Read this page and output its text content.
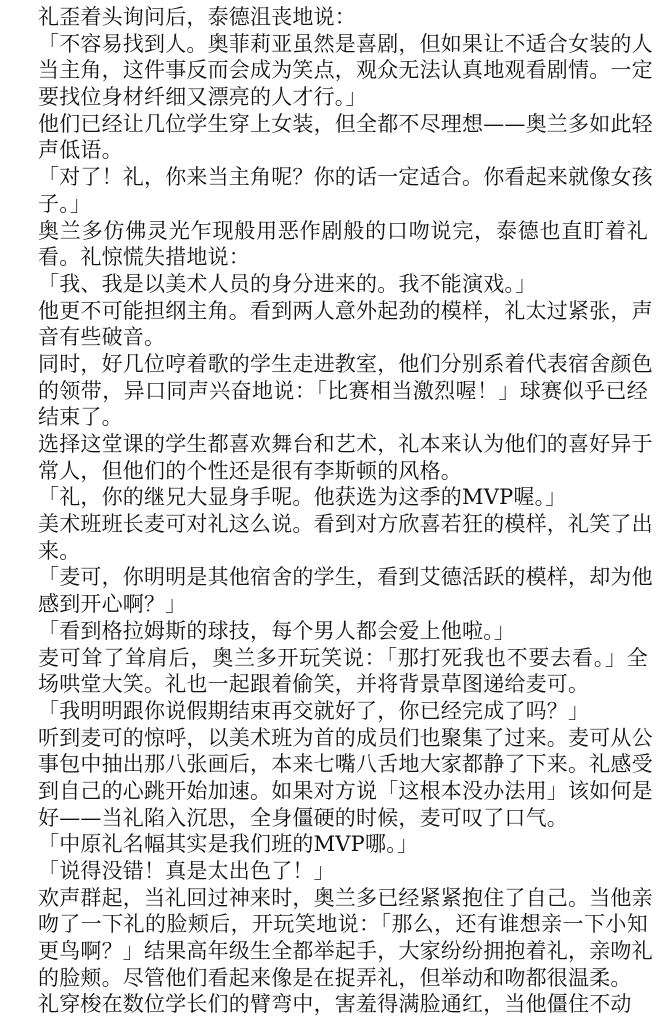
礼歪着头询问后，泰德沮丧地说：

「不容易找到人。奥菲莉亚虽然是喜剧，但如果让不适合女装的人

当主角，这件事反而会成为笑点，观众无法认真地观看剧情。一定

要找位身材纤细又漂亮的人才行。」

他们已经让几位学生穿上女装，但全都不尽理想——奥兰多如此轻

声低语。

「对了！礼，你来当主角呢？你的话一定适合。你看起来就像女孩

子。」

奥兰多仿佛灵光乍现般用恶作剧般的口吻说完，泰德也直盯着礼

看。礼惊慌失措地说：

「我、我是以美术人员的身分进来的。我不能演戏。」

他更不可能担纲主角。看到两人意外起劲的模样，礼太过紧张，声

音有些破音。

同时，好几位哼着歌的学生走进教室，他们分别系着代表宿舍颜色

的领带，异口同声兴奋地说：「比赛相当激烈喔！」球赛似乎已经

结束了。

选择这堂课的学生都喜欢舞台和艺术，礼本来认为他们的喜好异于

常人，但他们的个性还是很有李斯顿的风格。

「礼，你的继兄大显身手呢。他获选为这季的MVP喔。」

美术班班长麦可对礼这么说。看到对方欣喜若狂的模样，礼笑了出

来。

「麦可，你明明是其他宿舍的学生，看到艾德活跃的模样，却为他

感到开心啊？」

「看到格拉姆斯的球技，每个男人都会爱上他啦。」

麦可耸了耸肩后，奥兰多开玩笑说：「那打死我也不要去看。」全

场哄堂大笑。礼也一起跟着偷笑，并将背景草图递给麦可。

「我明明跟你说假期结束再交就好了，你已经完成了吗？」

听到麦可的惊呼，以美术班为首的成员们也聚集了过来。麦可从公

事包中抽出那八张画后，本来七嘴八舌地大家都静了下来。礼感受

到自己的心跳开始加速。如果对方说「这根本没办法用」该如何是

好——当礼陷入沉思，全身僵硬的时候，麦可叹了口气。

「中原礼名幅其实是我们班的MVP哪。」

「说得没错！真是太出色了！」

欢声群起，当礼回过神来时，奥兰多已经紧紧抱住了自己。当他亲

吻了一下礼的脸颊后，开玩笑地说：「那么，还有谁想亲一下小知

更鸟啊？」结果高年级生全都举起手，大家纷纷拥抱着礼，亲吻礼

的脸颊。尽管他们看起来像是在捉弄礼，但举动和吻都很温柔。

礼穿梭在数位学长们的臂弯中，害羞得满脸通红，当他僵住不动
